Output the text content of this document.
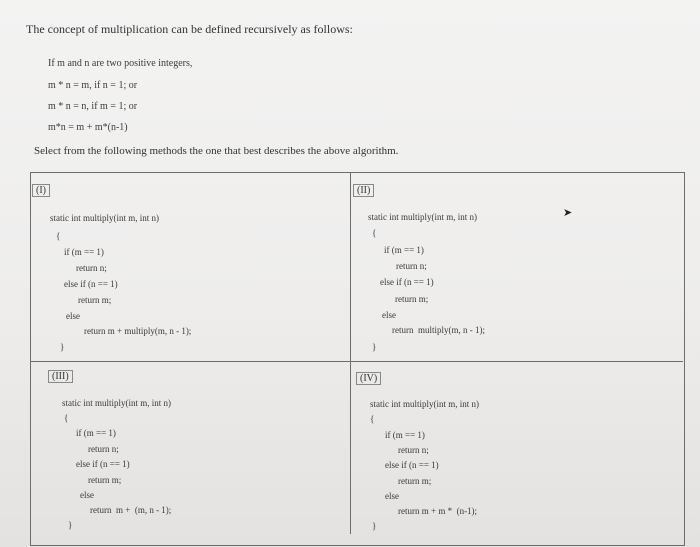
The concept of multiplication can be defined recursively as follows:
If m and n are two positive integers,
m * n = m, if n = 1; or
m * n = n, if m = 1; or
m*n = m + m*(n-1)
Select from the following methods the one that best describes the above algorithm.
(I)
static int multiply(int m, int n)
{
if (m == 1)
return n;
else if (n == 1)
return m;
else
return m + multiply(m, n - 1);
}
(II)
static int multiply(int m, int n)
{
if (m == 1)
return n;
else if (n == 1)
return m;
else
return  multiply(m, n - 1);
}
(III)
static int multiply(int m, int n)
{
if (m == 1)
return n;
else if (n == 1)
return m;
else
return  m +  (m, n - 1);
}
(IV)
static int multiply(int m, int n)
{
if (m == 1)
return n;
else if (n == 1)
return m;
else
return m + m *  (n-1);
}
➤
